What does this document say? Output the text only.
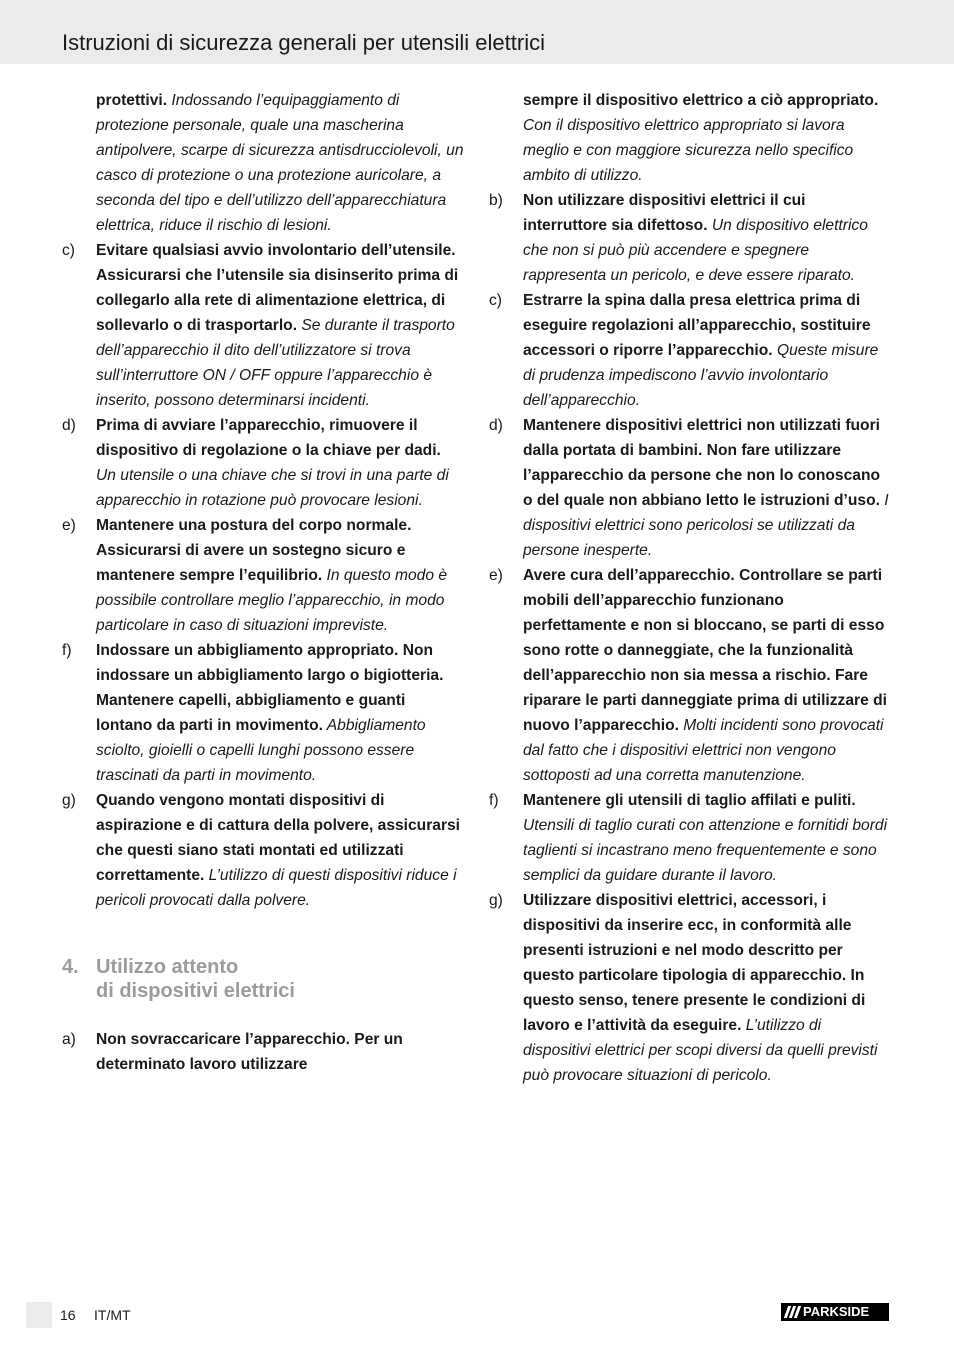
Istruzioni di sicurezza generali per utensili elettrici
protettivi. Indossando l’equipaggiamento di protezione personale, quale una mascherina antipolvere, scarpe di sicurezza antisdrucciolevoli, un casco di protezione o una protezione auricolare, a seconda del tipo e dell’utilizzo dell’apparecchiatura elettrica, riduce il rischio di lesioni.
c)	Evitare qualsiasi avvio involontario dell’utensile. Assicurarsi che l’utensile sia disinserito prima di collegarlo alla rete di alimentazione elettrica, di sollevarlo o di trasportarlo. Se durante il trasporto dell’apparecchio il dito dell’utilizzatore si trova sull’interruttore ON / OFF oppure l’apparecchio è inserito, possono determinarsi incidenti.
d)	Prima di avviare l’apparecchio, rimuovere il dispositivo di regolazione o la chiave per dadi. Un utensile o una chiave che si trovi in una parte di apparecchio in rotazione può provocare lesioni.
e)	Mantenere una postura del corpo normale. Assicurarsi di avere un sostegno sicuro e mantenere sempre l’equilibrio. In questo modo è possibile controllare meglio l’apparecchio, in modo particolare in caso di situazioni impreviste.
f)	Indossare un abbigliamento appropriato. Non indossare un abbigliamento largo o bigiotteria. Mantenere capelli, abbigliamento e guanti lontano da parti in movimento. Abbigliamento sciolto, gioielli o capelli lunghi possono essere trascinati da parti in movimento.
g)	Quando vengono montati dispositivi di aspirazione e di cattura della polvere, assicurarsi che questi siano stati montati ed utilizzati correttamente. L’utilizzo di questi dispositivi riduce i pericoli provocati dalla polvere.
4. Utilizzo attento
di dispositivi elettrici
a)	Non sovraccaricare l’apparecchio. Per un determinato lavoro utilizzare
sempre il dispositivo elettrico a ciò appropriato. Con il dispositivo elettrico appropriato si lavora meglio e con maggiore sicurezza nello specifico ambito di utilizzo.
b)	Non utilizzare dispositivi elettrici il cui interruttore sia difettoso. Un dispositivo elettrico che non si può più accendere e spegnere rappresenta un pericolo, e deve essere riparato.
c)	Estrarre la spina dalla presa elettrica prima di eseguire regolazioni all’apparecchio, sostituire accessori o riporre l’apparecchio. Queste misure di prudenza impediscono l’avvio involontario dell’apparecchio.
d)	Mantenere dispositivi elettrici non utilizzati fuori dalla portata di bambini. Non fare utilizzare l’apparecchio da persone che non lo conoscano o del quale non abbiano letto le istruzioni d’uso. I dispositivi elettrici sono pericolosi se utilizzati da persone inesperte.
e)	Avere cura dell’apparecchio. Controllare se parti mobili dell’apparecchio funzionano perfettamente e non si bloccano, se parti di esso sono rotte o danneggiate, che la funzionalità dell’apparecchio non sia messa a rischio. Fare riparare le parti danneggiate prima di utilizzare di nuovo l’apparecchio. Molti incidenti sono provocati dal fatto che i dispositivi elettrici non vengono sottoposti ad una corretta manutenzione.
f)	Mantenere gli utensili di taglio affilati e puliti. Utensili di taglio curati con attenzione e fornitidi bordi taglienti si incastrano meno frequentemente e sono semplici da guidare durante il lavoro.
g)	Utilizzare dispositivi elettrici, accessori, i dispositivi da inserire ecc, in conformità alle presenti istruzioni e nel modo descritto per questo particolare tipologia di apparecchio. In questo senso, tenere presente le condizioni di lavoro e l’attività da eseguire. L’utilizzo di dispositivi elettrici per scopi diversi da quelli previsti può provocare situazioni di pericolo.
16 IT/MT	PARKSIDE
